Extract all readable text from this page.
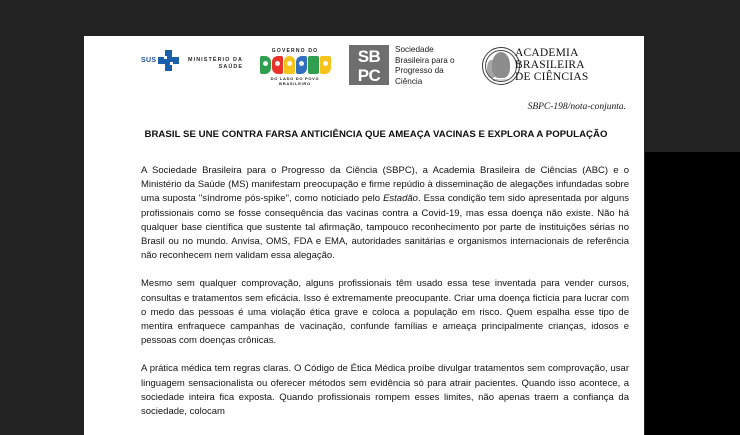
SUS	MINISTÉRIO DA
SAÚDE
GOVERNO DO
DO LADO DO POVO BRASILEIRO
SB
PC
Sociedade
Brasileira para o
Progresso da
Ciência	MDCCCXVI
ACADEMIA
BRASILEIRA
DE CIÊNCIAS
SBPC-198/nota-conjunta.
BRASIL SE UNE CONTRA FARSA ANTICIÊNCIA QUE AMEAÇA VACINAS E EXPLORA A POPULAÇÃO

A Sociedade Brasileira para o Progresso da Ciência (SBPC), a Academia Brasileira de Ciências (ABC) e o Ministério da Saúde (MS) manifestam preocupação e firme repúdio à disseminação de alegações infundadas sobre uma suposta "síndrome pós-spike", como noticiado pelo Estadão. Essa condição tem sido apresentada por alguns profissionais como se fosse consequência das vacinas contra a Covid-19, mas essa doença não existe. Não há qualquer base científica que sustente tal afirmação, tampouco reconhecimento por parte de instituições sérias no Brasil ou no mundo. Anvisa, OMS, FDA e EMA, autoridades sanitárias e organismos internacionais de referência não reconhecem nem validam essa alegação.

Mesmo sem qualquer comprovação, alguns profissionais têm usado essa tese inventada para vender cursos, consultas e tratamentos sem eficácia. Isso é extremamente preocupante. Criar uma doença fictícia para lucrar com o medo das pessoas é uma violação ética grave e coloca a população em risco. Quem espalha esse tipo de mentira enfraquece campanhas de vacinação, confunde famílias e ameaça principalmente crianças, idosos e pessoas com doenças crônicas.

A prática médica tem regras claras. O Código de Ética Médica proíbe divulgar tratamentos sem comprovação, usar linguagem sensacionalista ou oferecer métodos sem evidência só para atrair pacientes. Quando isso acontece, a sociedade inteira fica exposta. Quando profissionais rompem esses limites, não apenas traem a confiança da sociedade, colocam
